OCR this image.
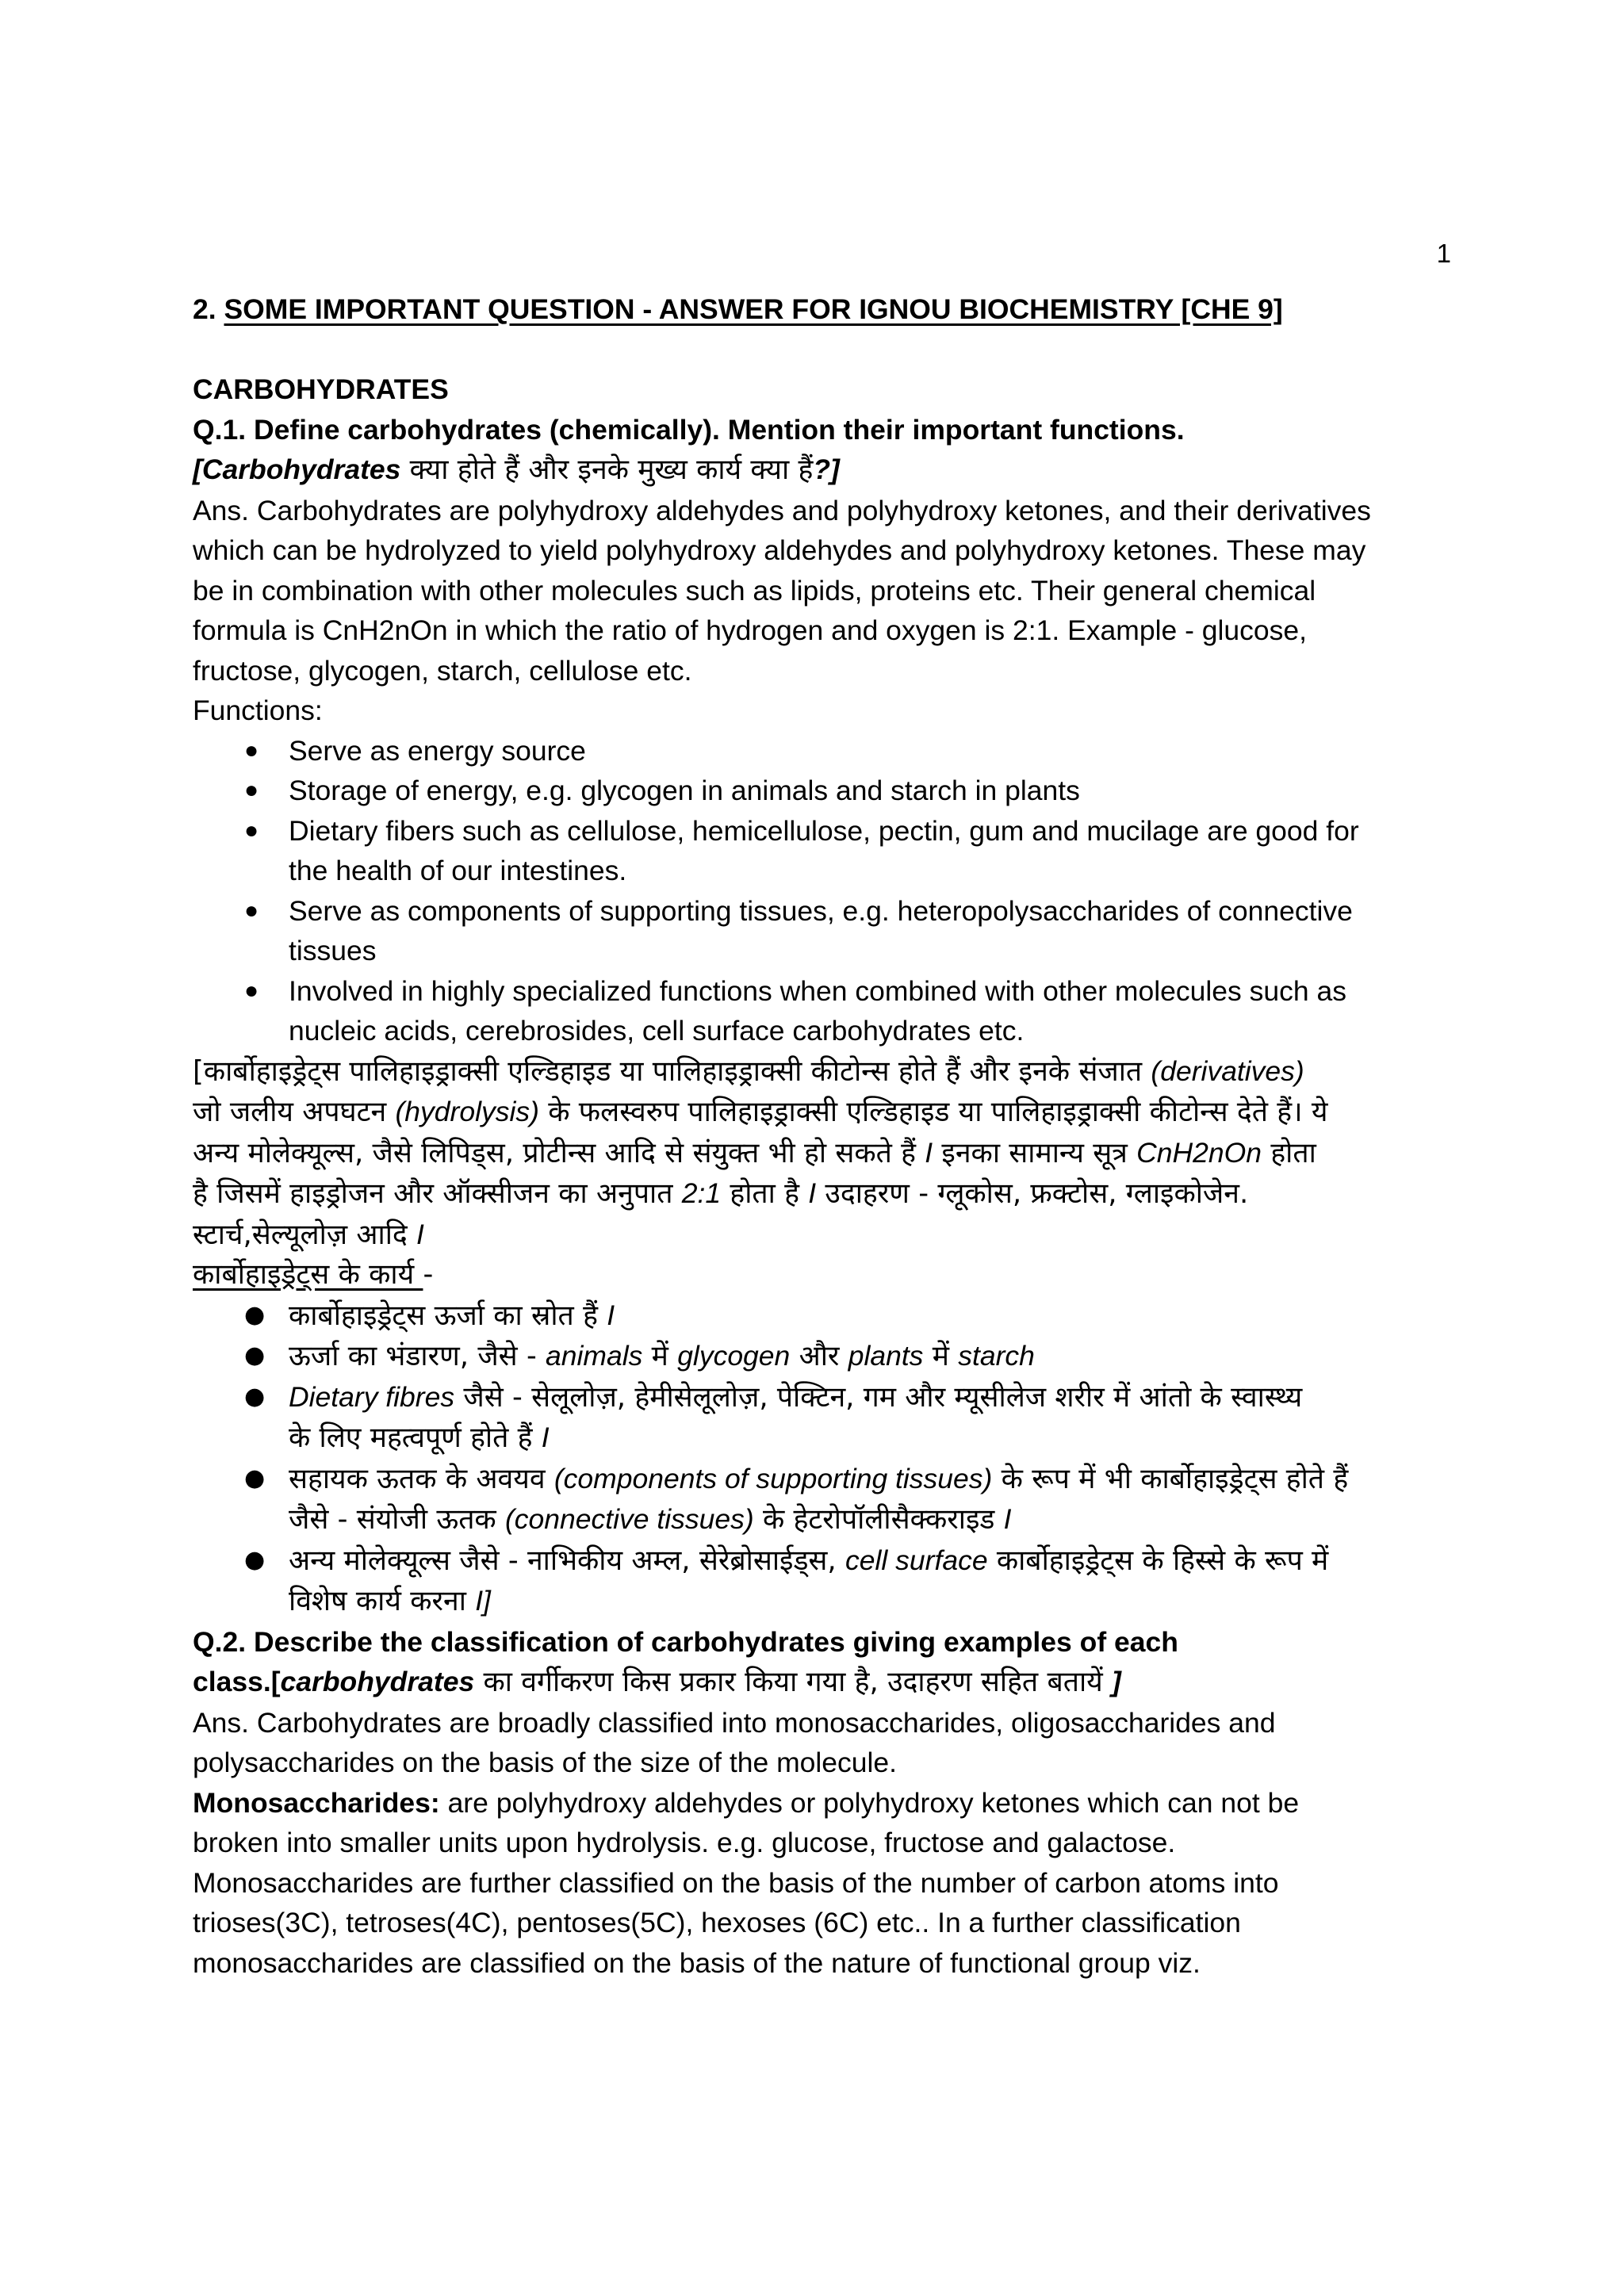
1

2. SOME IMPORTANT QUESTION - ANSWER FOR IGNOU BIOCHEMISTRY [CHE 9]

CARBOHYDRATES

Q.1. Define carbohydrates (chemically). Mention their important functions.

[Carbohydrates क्या होते हैं और इनके मुख्य कार्य क्या हैं?]

Ans. Carbohydrates are polyhydroxy aldehydes and polyhydroxy ketones, and their derivatives

which can be hydrolyzed to yield polyhydroxy aldehydes and polyhydroxy ketones. These may

be in combination with other molecules such as lipids, proteins etc. Their general chemical

formula is CnH2nOn in which the ratio of hydrogen and oxygen is 2:1. Example - glucose,

fructose, glycogen, starch, cellulose etc.

Functions:

● Serve as energy source
● Storage of energy, e.g. glycogen in animals and starch in plants
● Dietary fibers such as cellulose, hemicellulose, pectin, gum and mucilage are good for
the health of our intestines.
● Serve as components of supporting tissues, e.g. heteropolysaccharides of connective
tissues
● Involved in highly specialized functions when combined with other molecules such as
nucleic acids, cerebrosides, cell surface carbohydrates etc.

[कार्बोहाइड्रेट्स पालिहाइड्राक्सी एल्डिहाइड या पालिहाइड्राक्सी कीटोन्स होते हैं और इनके संजात (derivatives)

जो जलीय अपघटन (hydrolysis) के फलस्वरुप पालिहाइड्राक्सी एल्डिहाइड या पालिहाइड्राक्सी कीटोन्स देते हैं। ये

अन्य मोलेक्यूल्स, जैसे लिपिड्स, प्रोटीन्स आदि से संयुक्त भी हो सकते हैं I इनका सामान्य सूत्र CnH2nOn होता

है जिसमें हाइड्रोजन और ऑक्सीजन का अनुपात 2:1 होता है I उदाहरण - ग्लूकोस, फ्रक्टोस, ग्लाइकोजेन.

स्टार्च,सेल्यूलोज़ आदि I

कार्बोहाइड्रेट्स के कार्य -

● कार्बोहाइड्रेट्स ऊर्जा का स्रोत हैं I
● ऊर्जा का भंडारण, जैसे - animals में glycogen और plants में starch
● Dietary fibres जैसे - सेलूलोज़, हेमीसेलूलोज़, पेक्टिन, गम और म्यूसीलेज शरीर में आंतो के स्वास्थ्य
के लिए महत्वपूर्ण होते हैं I
● सहायक ऊतक के अवयव (components of supporting tissues) के रूप में भी कार्बोहाइड्रेट्स होते हैं
जैसे - संयोजी ऊतक (connective tissues) के हेटरोपॉलीसैक्कराइड I
● अन्य मोलेक्यूल्स जैसे - नाभिकीय अम्ल, सेरेब्रोसाईड्स, cell surface कार्बोहाइड्रेट्स के हिस्से के रूप में
विशेष कार्य करना I]

Q.2. Describe the classification of carbohydrates giving examples of each

class.[carbohydrates का वर्गीकरण किस प्रकार किया गया है, उदाहरण सहित बतायें ]

Ans. Carbohydrates are broadly classified into monosaccharides, oligosaccharides and

polysaccharides on the basis of the size of the molecule.

Monosaccharides: are polyhydroxy aldehydes or polyhydroxy ketones which can not be

broken into smaller units upon hydrolysis. e.g. glucose, fructose and galactose.

Monosaccharides are further classified on the basis of the number of carbon atoms into

trioses(3C), tetroses(4C), pentoses(5C), hexoses (6C) etc.. In a further classification

monosaccharides are classified on the basis of the nature of functional group viz.
